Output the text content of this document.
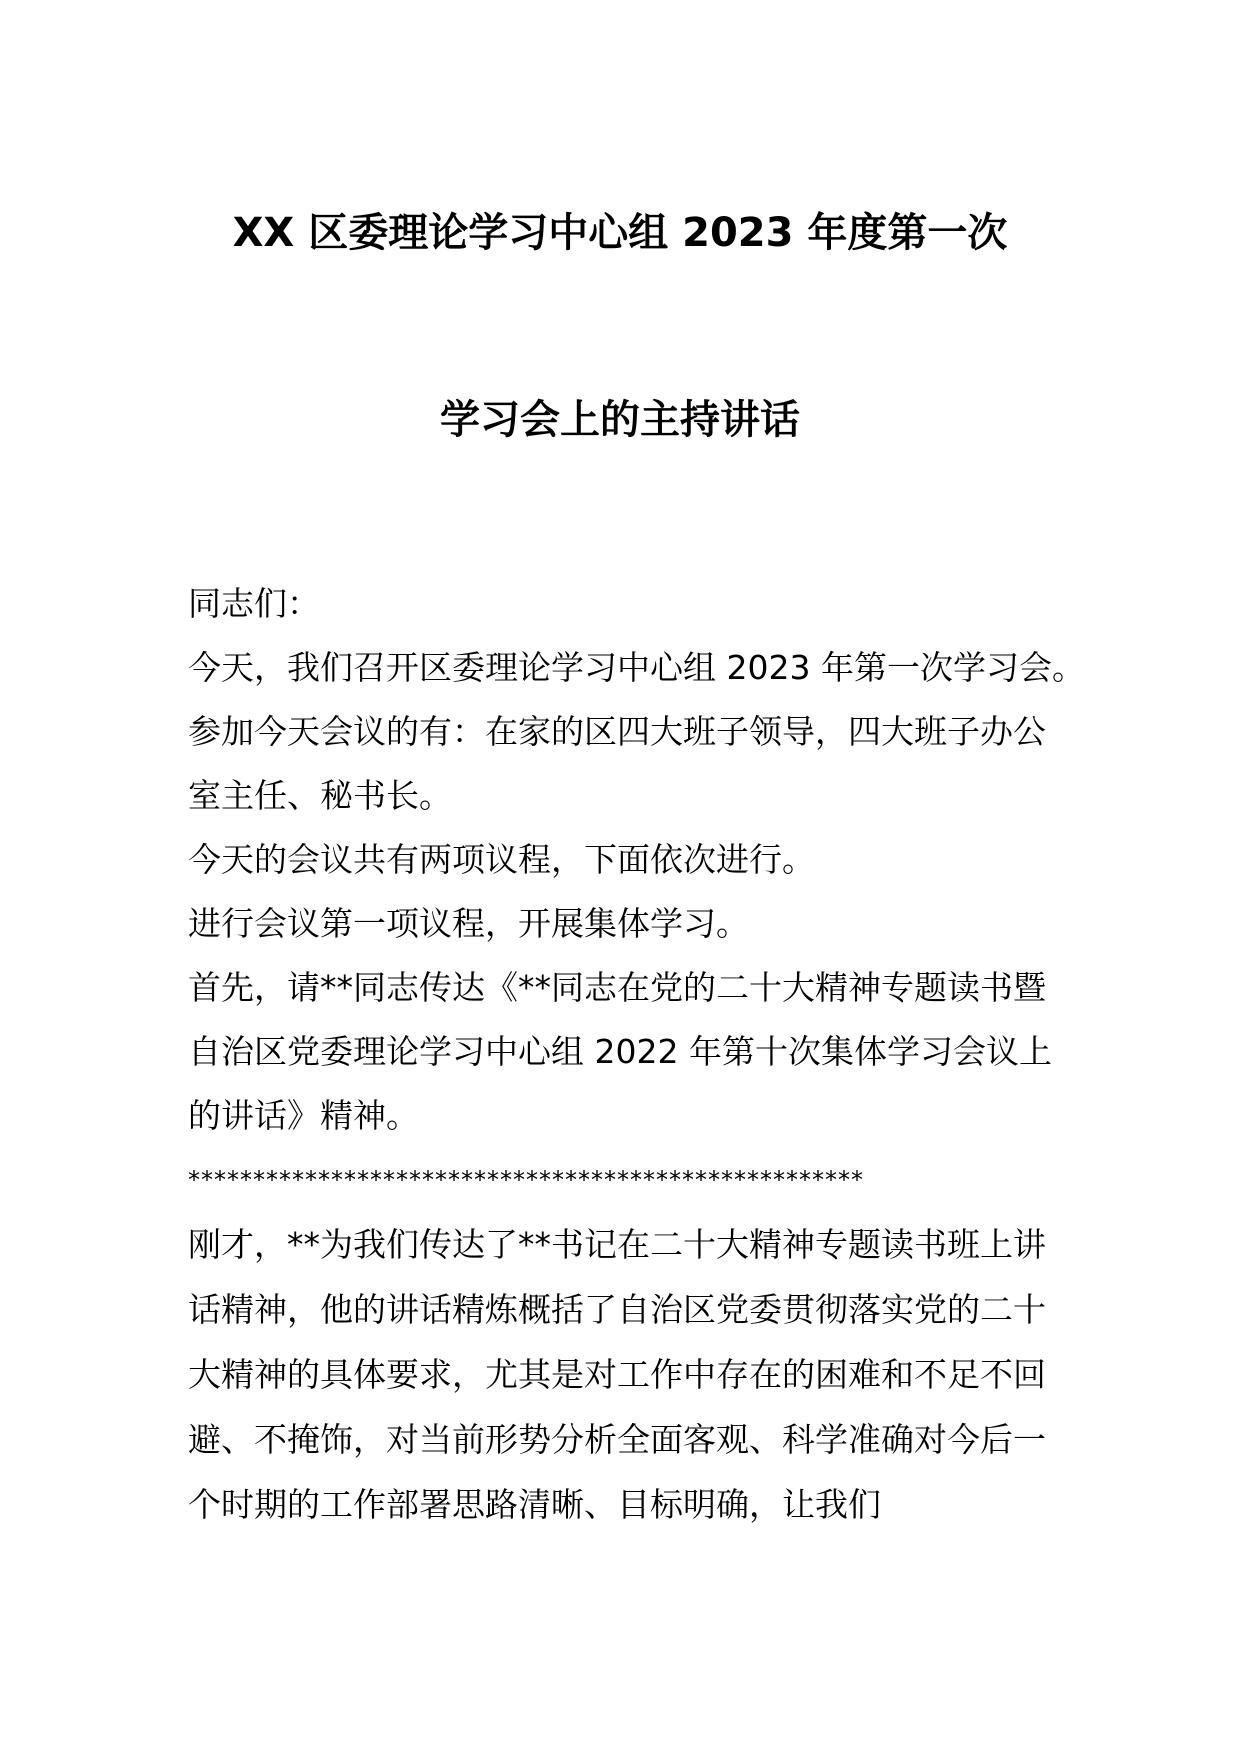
XX 区委理论学习中心组 2023 年度第一次
学习会上的主持讲话

同志们：

今天，我们召开区委理论学习中心组 2023 年第一次学习会。

参加今天会议的有：在家的区四大班子领导，四大班子办公室主任、秘书长。

今天的会议共有两项议程，下面依次进行。

进行会议第一项议程，开展集体学习。

首先，请**同志传达《**同志在党的二十大精神专题读书暨自治区党委理论学习中心组 2022 年第十次集体学习会议上的讲话》精神。

****************************************************

刚才，**为我们传达了**书记在二十大精神专题读书班上讲话精神，他的讲话精炼概括了自治区党委贯彻落实党的二十大精神的具体要求，尤其是对工作中存在的困难和不足不回避、不掩饰，对当前形势分析全面客观、科学准确对今后一个时期的工作部署思路清晰、目标明确，让我们
